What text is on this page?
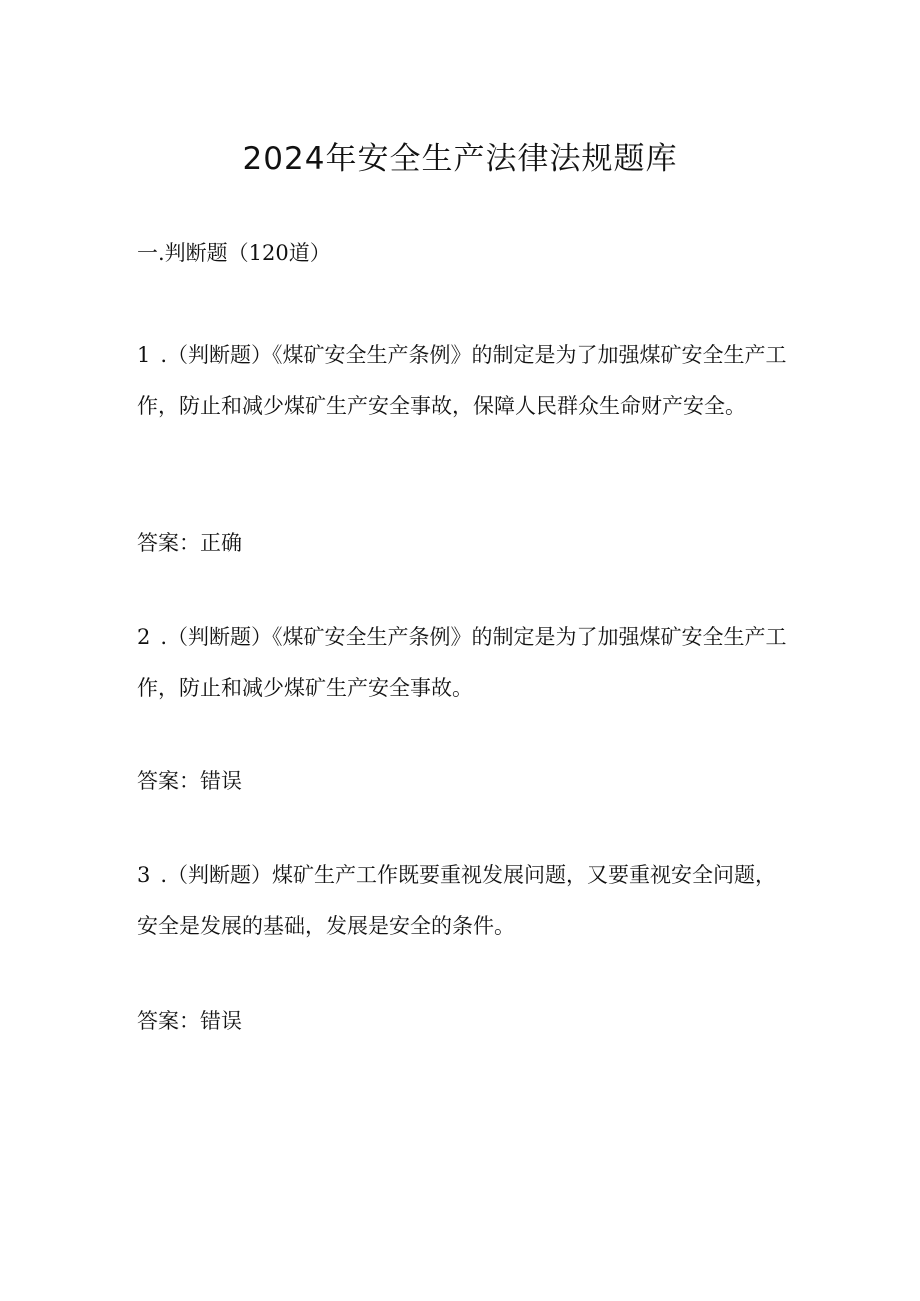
2024年安全生产法律法规题库

一.判断题（120道）

1 .（判断题）《煤矿安全生产条例》的制定是为了加强煤矿安全生产工作，防止和减少煤矿生产安全事故，保障人民群众生命财产安全。

答案：正确

2 .（判断题）《煤矿安全生产条例》的制定是为了加强煤矿安全生产工作，防止和减少煤矿生产安全事故。

答案：错误

3 .（判断题）煤矿生产工作既要重视发展问题，又要重视安全问题，安全是发展的基础，发展是安全的条件。

答案：错误
